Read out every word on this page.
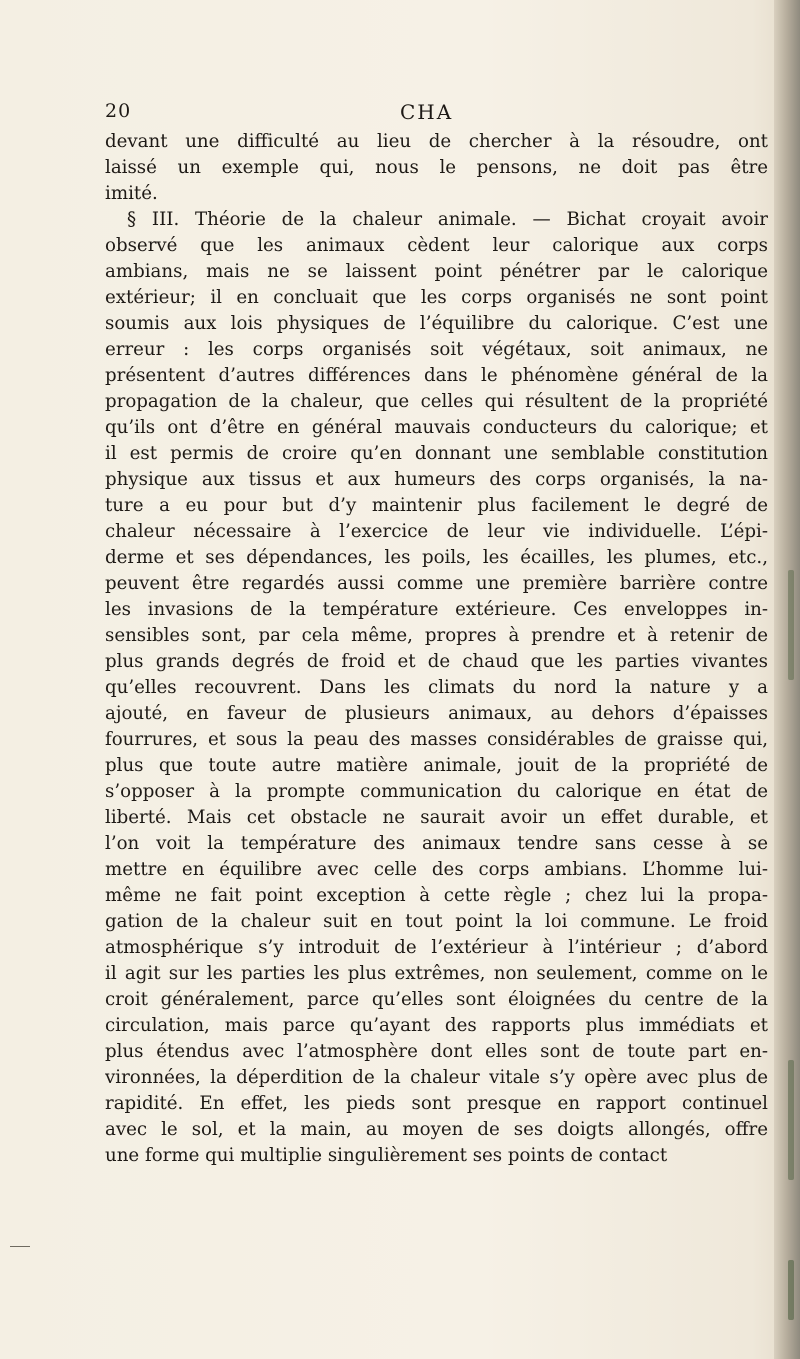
20	CHA
devant une difficulté au lieu de chercher à la résoudre, ont
laissé un exemple qui, nous le pensons, ne doit pas être
imité.
§ III. Théorie de la chaleur animale. — Bichat croyait avoir
observé que les animaux cèdent leur calorique aux corps
ambians, mais ne se laissent point pénétrer par le calorique
extérieur; il en concluait que les corps organisés ne sont point
soumis aux lois physiques de l’équilibre du calorique. C’est une
erreur : les corps organisés soit végétaux, soit animaux, ne
présentent d’autres différences dans le phénomène général de la
propagation de la chaleur, que celles qui résultent de la propriété
qu’ils ont d’être en général mauvais conducteurs du calorique; et
il est permis de croire qu’en donnant une semblable constitution
physique aux tissus et aux humeurs des corps organisés, la na-
ture a eu pour but d’y maintenir plus facilement le degré de
chaleur nécessaire à l’exercice de leur vie individuelle. L’épi-
derme et ses dépendances, les poils, les écailles, les plumes, etc.,
peuvent être regardés aussi comme une première barrière contre
les invasions de la température extérieure. Ces enveloppes in-
sensibles sont, par cela même, propres à prendre et à retenir de
plus grands degrés de froid et de chaud que les parties vivantes
qu’elles recouvrent. Dans les climats du nord la nature y a
ajouté, en faveur de plusieurs animaux, au dehors d’épaisses
fourrures, et sous la peau des masses considérables de graisse qui,
plus que toute autre matière animale, jouit de la propriété de
s’opposer à la prompte communication du calorique en état de
liberté. Mais cet obstacle ne saurait avoir un effet durable, et
l’on voit la température des animaux tendre sans cesse à se
mettre en équilibre avec celle des corps ambians. L’homme lui-
même ne fait point exception à cette règle ; chez lui la propa-
gation de la chaleur suit en tout point la loi commune. Le froid
atmosphérique s’y introduit de l’extérieur à l’intérieur ; d’abord
il agit sur les parties les plus extrêmes, non seulement, comme on le
croit généralement, parce qu’elles sont éloignées du centre de la
circulation, mais parce qu’ayant des rapports plus immédiats et
plus étendus avec l’atmosphère dont elles sont de toute part en-
vironnées, la déperdition de la chaleur vitale s’y opère avec plus de
rapidité. En effet, les pieds sont presque en rapport continuel
avec le sol, et la main, au moyen de ses doigts allongés, offre
une forme qui multiplie singulièrement ses points de contact
